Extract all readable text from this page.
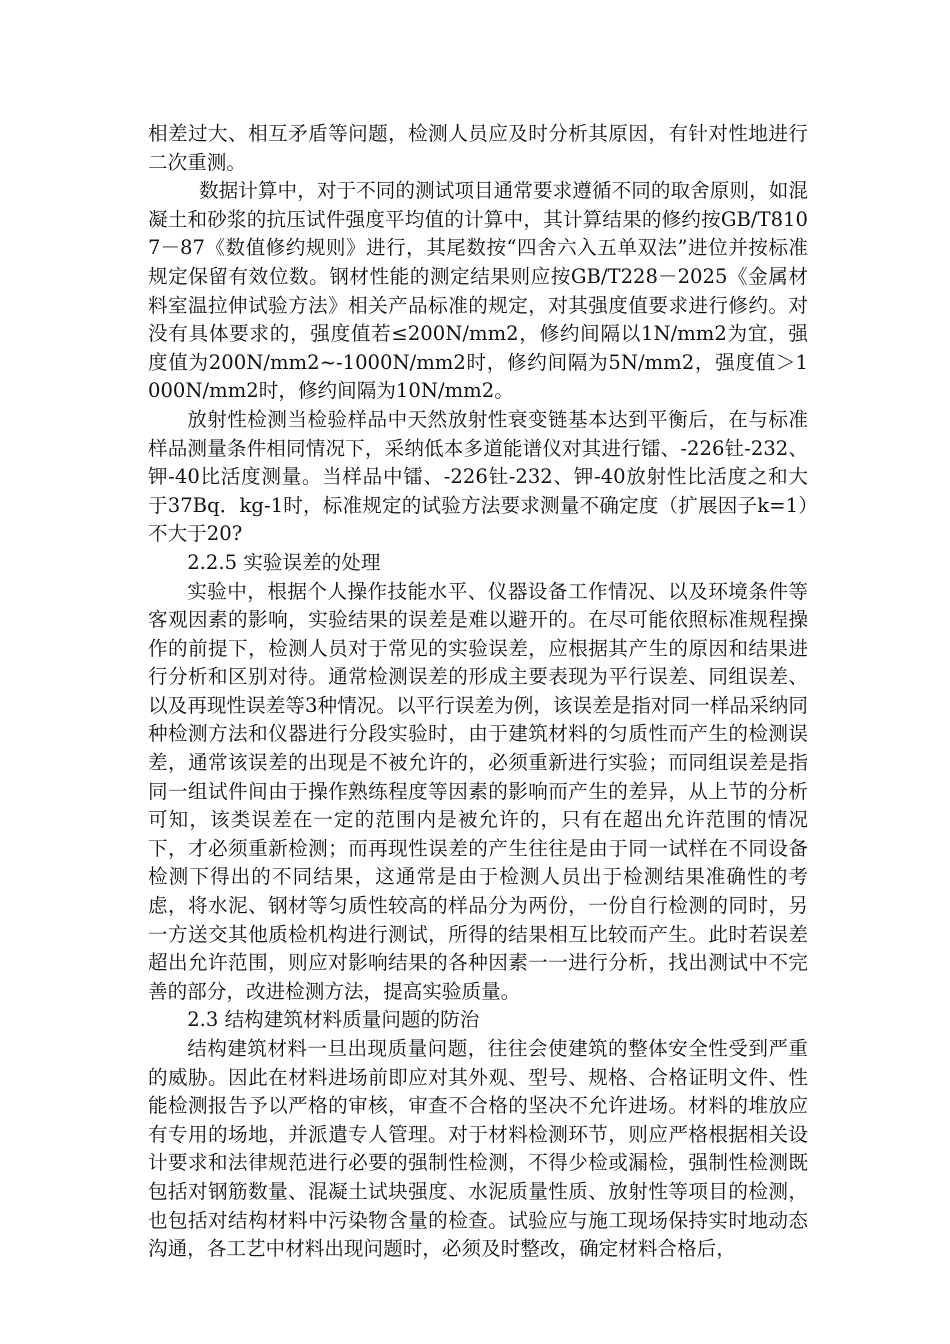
相差过大、相互矛盾等问题，检测人员应及时分析其原因，有针对性地进行二次重测。

数据计算中，对于不同的测试项目通常要求遵循不同的取舍原则，如混凝土和砂浆的抗压试件强度平均值的计算中，其计算结果的修约按GB/T8107－87《数值修约规则》进行，其尾数按“四舍六入五单双法”进位并按标准规定保留有效位数。钢材性能的测定结果则应按GB/T228－2025《金属材料室温拉伸试验方法》相关产品标准的规定，对其强度值要求进行修约。对没有具体要求的，强度值若≤200N/mm2，修约间隔以1N/mm2为宜，强度值为200N/mm2~-1000N/mm2时，修约间隔为5N/mm2，强度值＞1000N/mm2时，修约间隔为10N/mm2。

放射性检测当检验样品中天然放射性衰变链基本达到平衡后，在与标准样品测量条件相同情况下，采纳低本多道能谱仪对其进行镭、-226钍-232、钾-40比活度测量。当样品中镭、-226钍-232、钾-40放射性比活度之和大于37Bq．kg-1时，标准规定的试验方法要求测量不确定度（扩展因子k=1）不大于20?

2.2.5 实验误差的处理

实验中，根据个人操作技能水平、仪器设备工作情况、以及环境条件等客观因素的影响，实验结果的误差是难以避开的。在尽可能依照标准规程操作的前提下，检测人员对于常见的实验误差，应根据其产生的原因和结果进行分析和区别对待。通常检测误差的形成主要表现为平行误差、同组误差、以及再现性误差等3种情况。以平行误差为例，该误差是指对同一样品采纳同种检测方法和仪器进行分段实验时，由于建筑材料的匀质性而产生的检测误差，通常该误差的出现是不被允许的，必须重新进行实验；而同组误差是指同一组试件间由于操作熟练程度等因素的影响而产生的差异，从上节的分析可知，该类误差在一定的范围内是被允许的，只有在超出允许范围的情况下，才必须重新检测；而再现性误差的产生往往是由于同一试样在不同设备检测下得出的不同结果，这通常是由于检测人员出于检测结果准确性的考虑，将水泥、钢材等匀质性较高的样品分为两份，一份自行检测的同时，另一方送交其他质检机构进行测试，所得的结果相互比较而产生。此时若误差超出允许范围，则应对影响结果的各种因素一一进行分析，找出测试中不完善的部分，改进检测方法，提高实验质量。

2.3 结构建筑材料质量问题的防治

结构建筑材料一旦出现质量问题，往往会使建筑的整体安全性受到严重的威胁。因此在材料进场前即应对其外观、型号、规格、合格证明文件、性能检测报告予以严格的审核，审查不合格的坚决不允许进场。材料的堆放应有专用的场地，并派遣专人管理。对于材料检测环节，则应严格根据相关设计要求和法律规范进行必要的强制性检测，不得少检或漏检，强制性检测既包括对钢筋数量、混凝土试块强度、水泥质量性质、放射性等项目的检测，也包括对结构材料中污染物含量的检查。试验应与施工现场保持实时地动态沟通，各工艺中材料出现问题时，必须及时整改，确定材料合格后，
